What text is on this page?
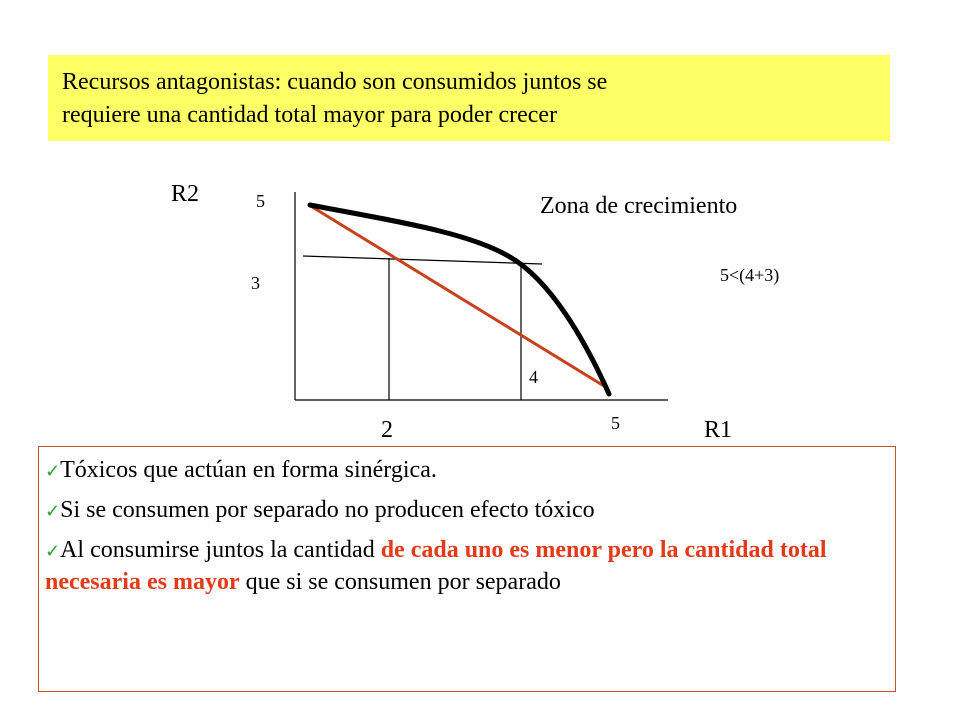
Recursos antagonistas: cuando son consumidos juntos se
requiere una cantidad total mayor para poder crecer
R2
R1
Zona de crecimiento
5<(4+3)
5
3
2	5
4
✓Tóxicos que actúan en forma sinérgica.
✓Si se consumen por separado no producen efecto tóxico
✓Al consumirse juntos la cantidad de cada uno es menor pero la cantidad total necesaria es mayor que si se consumen por separado
